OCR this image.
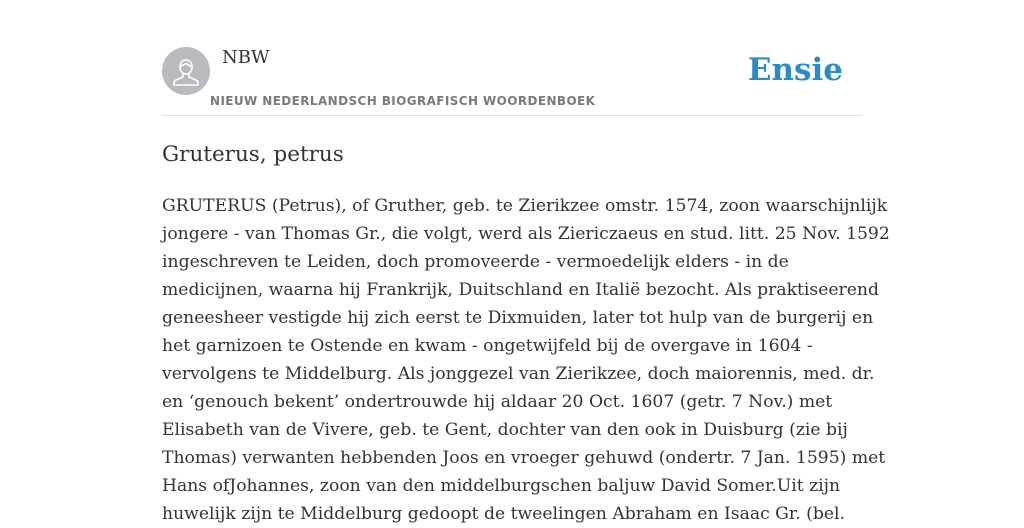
NBW
NIEUW NEDERLANDSCH BIOGRAFISCH WOORDENBOEK
Ensie
Gruterus, petrus
GRUTERUS (Petrus), of Gruther, geb. te Zierikzee omstr. 1574, zoon waarschijnlijk
jongere - van Thomas Gr., die volgt, werd als Ziericzaeus en stud. litt. 25 Nov. 1592
ingeschreven te Leiden, doch promoveerde - vermoedelijk elders - in de
medicijnen, waarna hij Frankrijk, Duitschland en Italië bezocht. Als praktiseerend
geneesheer vestigde hij zich eerst te Dixmuiden, later tot hulp van de burgerij en
het garnizoen te Ostende en kwam - ongetwijfeld bij de overgave in 1604 -
vervolgens te Middelburg. Als jonggezel van Zierikzee, doch maiorennis, med. dr.
en ‘genouch bekent’ ondertrouwde hij aldaar 20 Oct. 1607 (getr. 7 Nov.) met
Elisabeth van de Vivere, geb. te Gent, dochter van den ook in Duisburg (zie bij
Thomas) verwanten hebbenden Joos en vroeger gehuwd (ondertr. 7 Jan. 1595) met
Hans ofJohannes, zoon van den middelburgschen baljuw David Somer.Uit zijn
huwelijk zijn te Middelburg gedoopt de tweelingen Abraham en Isaac Gr. (bel.
